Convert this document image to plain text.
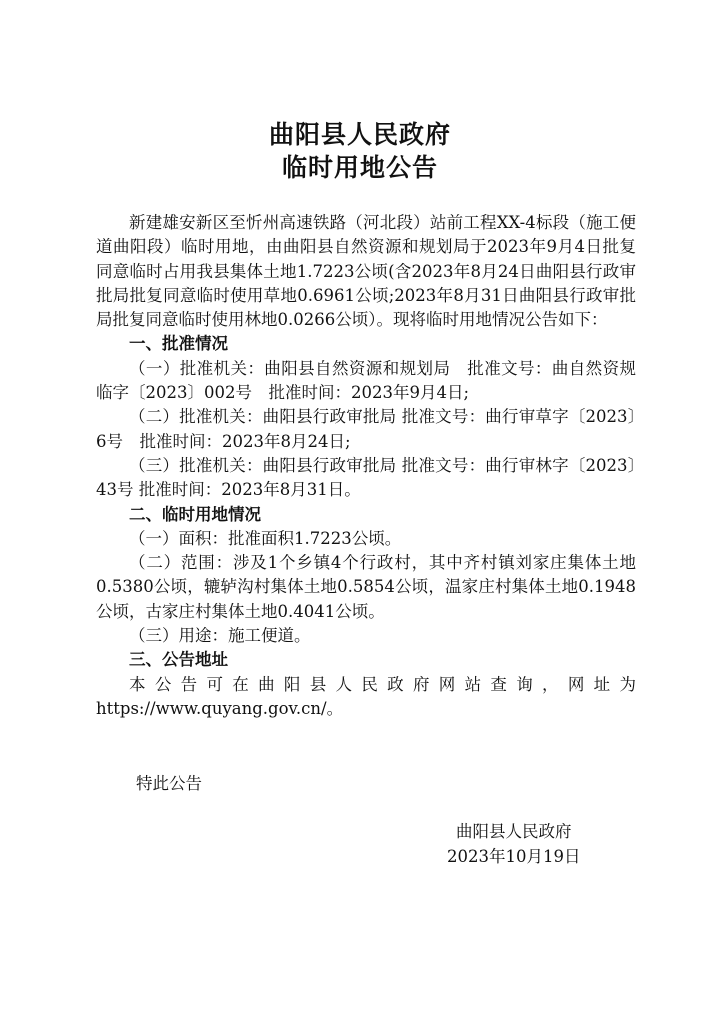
曲阳县人民政府
临时用地公告

新建雄安新区至忻州高速铁路（河北段）站前工程XX-4标段（施工便道曲阳段）临时用地，由曲阳县自然资源和规划局于2023年9月4日批复同意临时占用我县集体土地1.7223公顷(含2023年8月24日曲阳县行政审批局批复同意临时使用草地0.6961公顷;2023年8月31日曲阳县行政审批局批复同意临时使用林地0.0266公顷）。现将临时用地情况公告如下：

一、批准情况

（一）批准机关：曲阳县自然资源和规划局　批准文号：曲自然资规临字〔2023〕002号　批准时间：2023年9月4日;

（二）批准机关：曲阳县行政审批局 批准文号：曲行审草字〔2023〕6号　批准时间：2023年8月24日;

（三）批准机关：曲阳县行政审批局 批准文号：曲行审林字〔2023〕43号 批准时间：2023年8月31日。

二、临时用地情况

（一）面积：批准面积1.7223公顷。

（二）范围：涉及1个乡镇4个行政村，其中齐村镇刘家庄集体土地0.5380公顷，辘轳沟村集体土地0.5854公顷，温家庄村集体土地0.1948公顷，古家庄村集体土地0.4041公顷。

（三）用途：施工便道。

三、公告地址

本公告可在曲阳县人民政府网站查询，网址为https://www.quyang.gov.cn/。

特此公告
曲阳县人民政府
2023年10月19日
